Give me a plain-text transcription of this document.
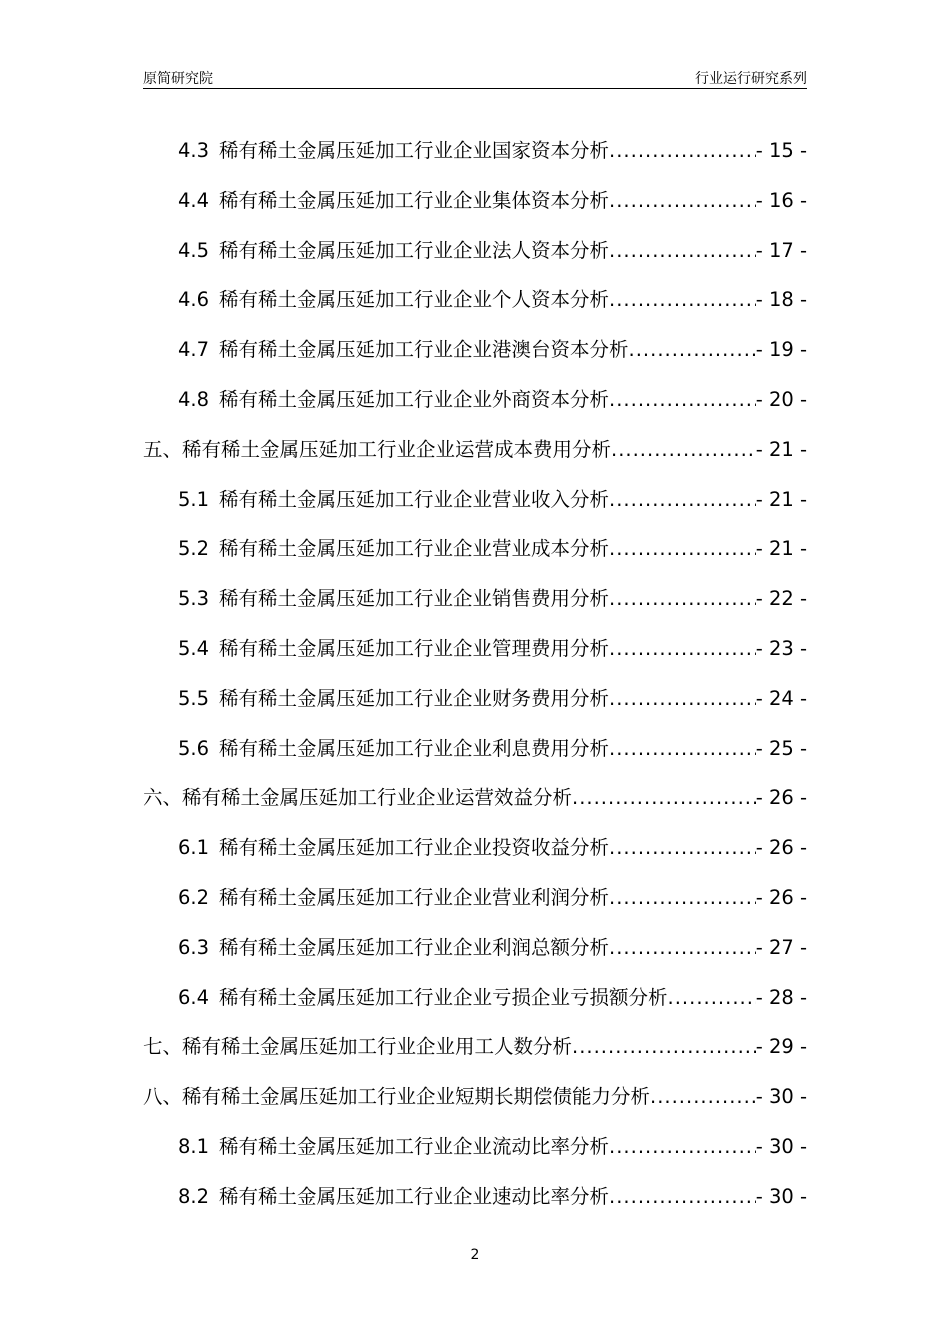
原简研究院	行业运行研究系列
4.3 稀有稀土金属压延加工行业企业国家资本分析 .....	- 15 -
4.4 稀有稀土金属压延加工行业企业集体资本分析 .....	- 16 -
4.5 稀有稀土金属压延加工行业企业法人资本分析 .....	- 17 -
4.6 稀有稀土金属压延加工行业企业个人资本分析 .....	- 18 -
4.7 稀有稀土金属压延加工行业企业港澳台资本分析 .....	- 19 -
4.8 稀有稀土金属压延加工行业企业外商资本分析 .....	- 20 -
五、稀有稀土金属压延加工行业企业运营成本费用分析 .....	- 21 -
5.1 稀有稀土金属压延加工行业企业营业收入分析 .....	- 21 -
5.2 稀有稀土金属压延加工行业企业营业成本分析 .....	- 21 -
5.3 稀有稀土金属压延加工行业企业销售费用分析 .....	- 22 -
5.4 稀有稀土金属压延加工行业企业管理费用分析 .....	- 23 -
5.5 稀有稀土金属压延加工行业企业财务费用分析 .....	- 24 -
5.6 稀有稀土金属压延加工行业企业利息费用分析 .....	- 25 -
六、稀有稀土金属压延加工行业企业运营效益分析 .....	- 26 -
6.1 稀有稀土金属压延加工行业企业投资收益分析 .....	- 26 -
6.2 稀有稀土金属压延加工行业企业营业利润分析 .....	- 26 -
6.3 稀有稀土金属压延加工行业企业利润总额分析 .....	- 27 -
6.4 稀有稀土金属压延加工行业企业亏损企业亏损额分析 .....	- 28 -
七、稀有稀土金属压延加工行业企业用工人数分析 .....	- 29 -
八、稀有稀土金属压延加工行业企业短期长期偿债能力分析 .....	- 30 -
8.1 稀有稀土金属压延加工行业企业流动比率分析 .....	- 30 -
8.2 稀有稀土金属压延加工行业企业速动比率分析 .....	- 30 -
2
